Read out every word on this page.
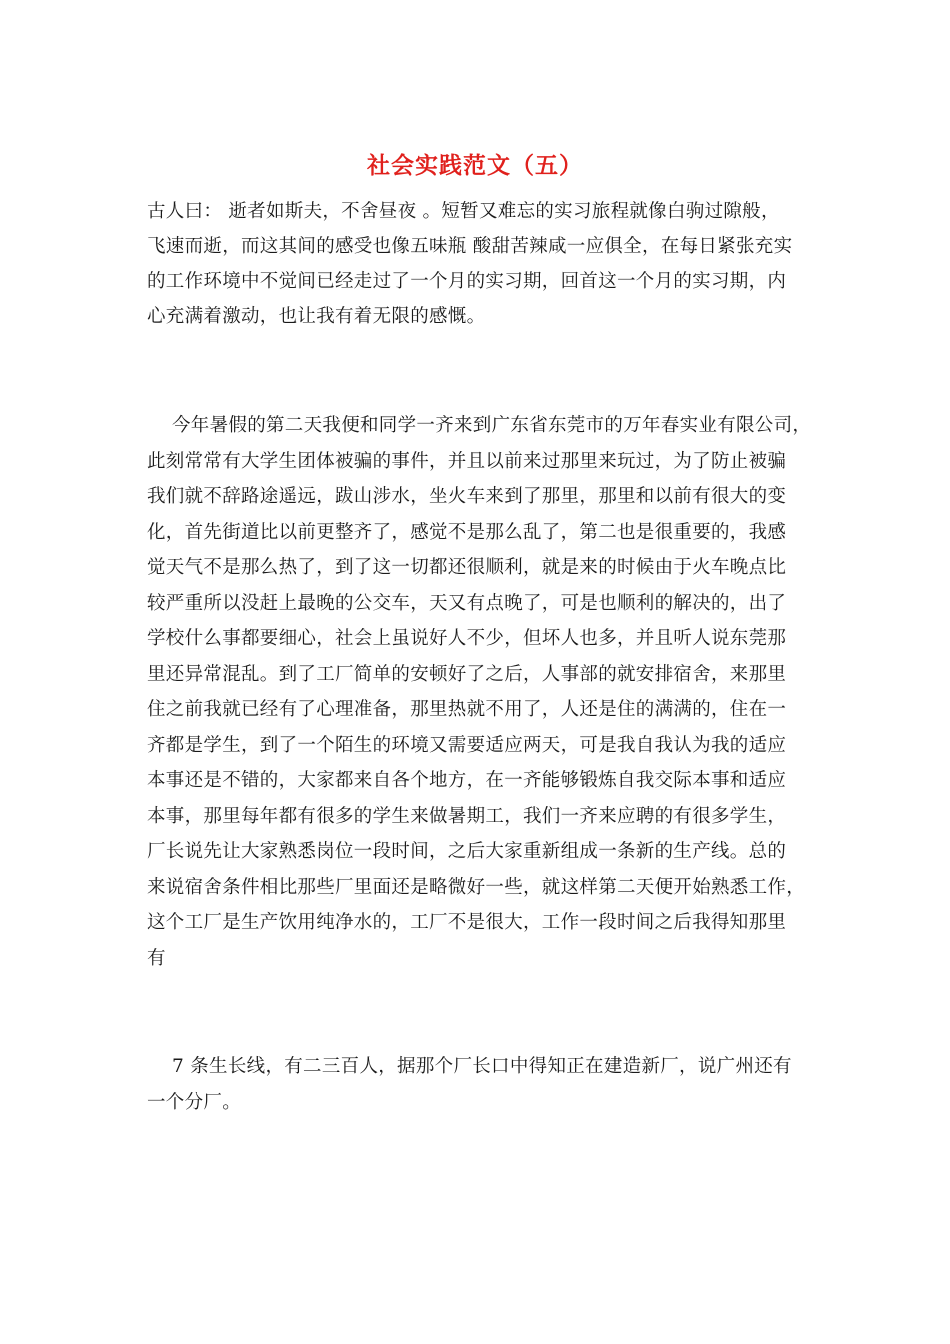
社会实践范文（五）
古人曰： 逝者如斯夫，不舍昼夜 。短暂又难忘的实习旅程就像白驹过隙般，
飞速而逝，而这其间的感受也像五味瓶 酸甜苦辣咸一应俱全，在每日紧张充实
的工作环境中不觉间已经走过了一个月的实习期，回首这一个月的实习期，内
心充满着激动，也让我有着无限的感慨。
今年暑假的第二天我便和同学一齐来到广东省东莞市的万年春实业有限公司，
此刻常常有大学生团体被骗的事件，并且以前来过那里来玩过，为了防止被骗
我们就不辞路途遥远，跋山涉水，坐火车来到了那里，那里和以前有很大的变
化，首先街道比以前更整齐了，感觉不是那么乱了，第二也是很重要的，我感
觉天气不是那么热了，到了这一切都还很顺利，就是来的时候由于火车晚点比
较严重所以没赶上最晚的公交车，天又有点晚了，可是也顺利的解决的，出了
学校什么事都要细心，社会上虽说好人不少，但坏人也多，并且听人说东莞那
里还异常混乱。到了工厂简单的安顿好了之后，人事部的就安排宿舍，来那里
住之前我就已经有了心理准备，那里热就不用了，人还是住的满满的，住在一
齐都是学生，到了一个陌生的环境又需要适应两天，可是我自我认为我的适应
本事还是不错的，大家都来自各个地方，在一齐能够锻炼自我交际本事和适应
本事，那里每年都有很多的学生来做暑期工，我们一齐来应聘的有很多学生，
厂长说先让大家熟悉岗位一段时间，之后大家重新组成一条新的生产线。总的
来说宿舍条件相比那些厂里面还是略微好一些，就这样第二天便开始熟悉工作，
这个工厂是生产饮用纯净水的，工厂不是很大，工作一段时间之后我得知那里
有
7 条生长线，有二三百人，据那个厂长口中得知正在建造新厂，说广州还有
一个分厂。
